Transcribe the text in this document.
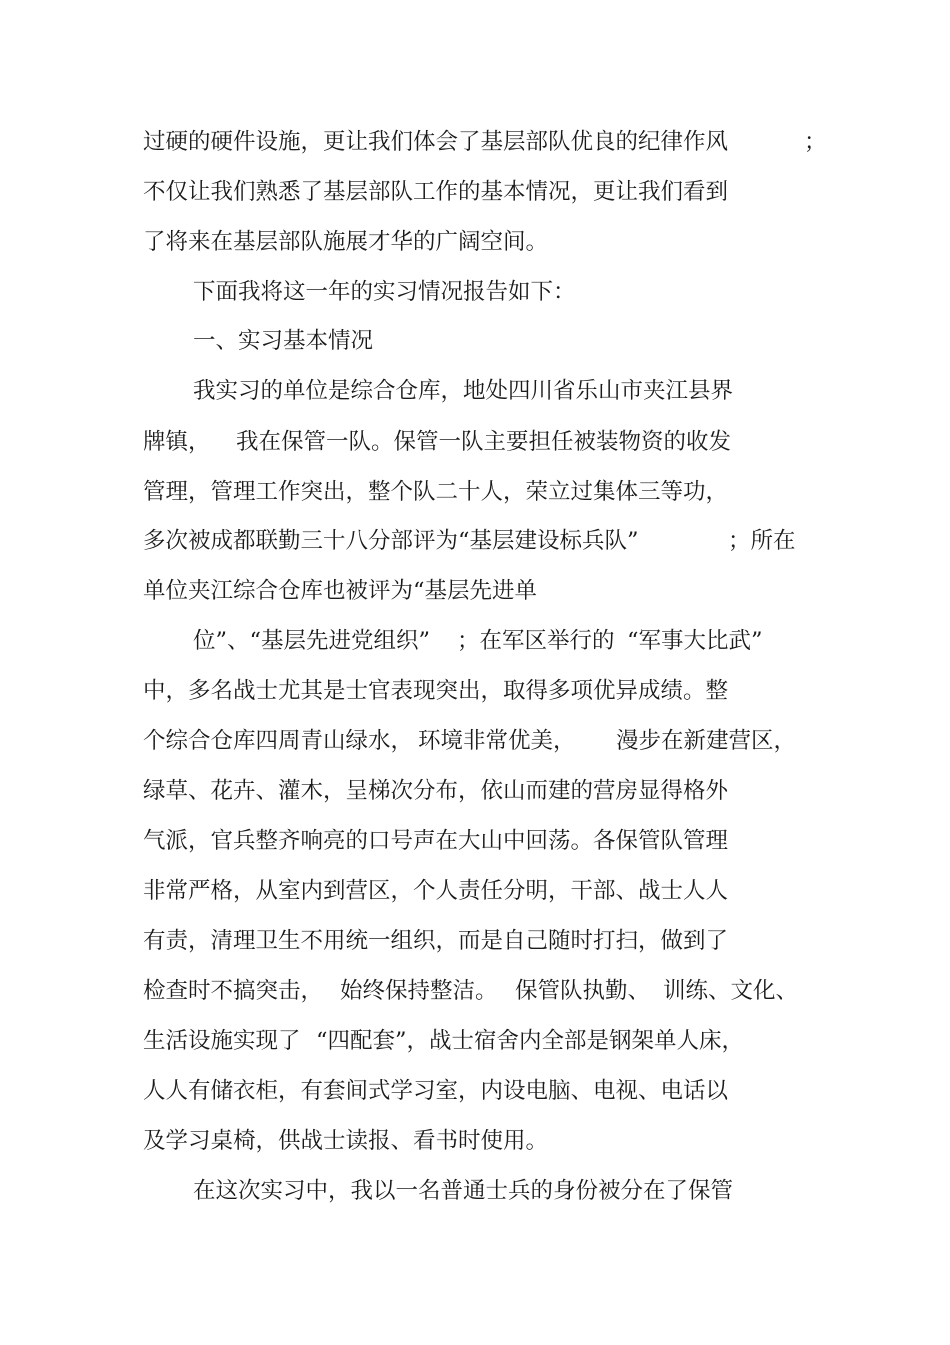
过硬的硬件设施，更让我们体会了基层部队优良的纪律作风	；
不仅让我们熟悉了基层部队工作的基本情况，更让我们看到
了将来在基层部队施展才华的广阔空间。
下面我将这一年的实习情况报告如下：
一、实习基本情况
我实习的单位是综合仓库，地处四川省乐山市夹江县界
牌镇， 我在保管一队。保管一队主要担任被装物资的收发
管理，管理工作突出，整个队二十人，荣立过集体三等功，
多次被成都联勤三十八分部评为“基层建设标兵队”	；所在
单位夹江综合仓库也被评为“基层先进单
位”、“基层先进党组织” ；在军区举行的 “军事大比武”
中，多名战士尤其是士官表现突出，取得多项优异成绩。整
个综合仓库四周青山绿水， 环境非常优美， 漫步在新建营区，
绿草、花卉、灌木，呈梯次分布，依山而建的营房显得格外
气派，官兵整齐响亮的口号声在大山中回荡。各保管队管理
非常严格，从室内到营区，个人责任分明，干部、战士人人
有责，清理卫生不用统一组织，而是自己随时打扫，做到了
检查时不搞突击， 始终保持整洁。 保管队执勤、 训练、文化、
生活设施实现了 “四配套”，战士宿舍内全部是钢架单人床，
人人有储衣柜，有套间式学习室，内设电脑、电视、电话以
及学习桌椅，供战士读报、看书时使用。
在这次实习中，我以一名普通士兵的身份被分在了保管
